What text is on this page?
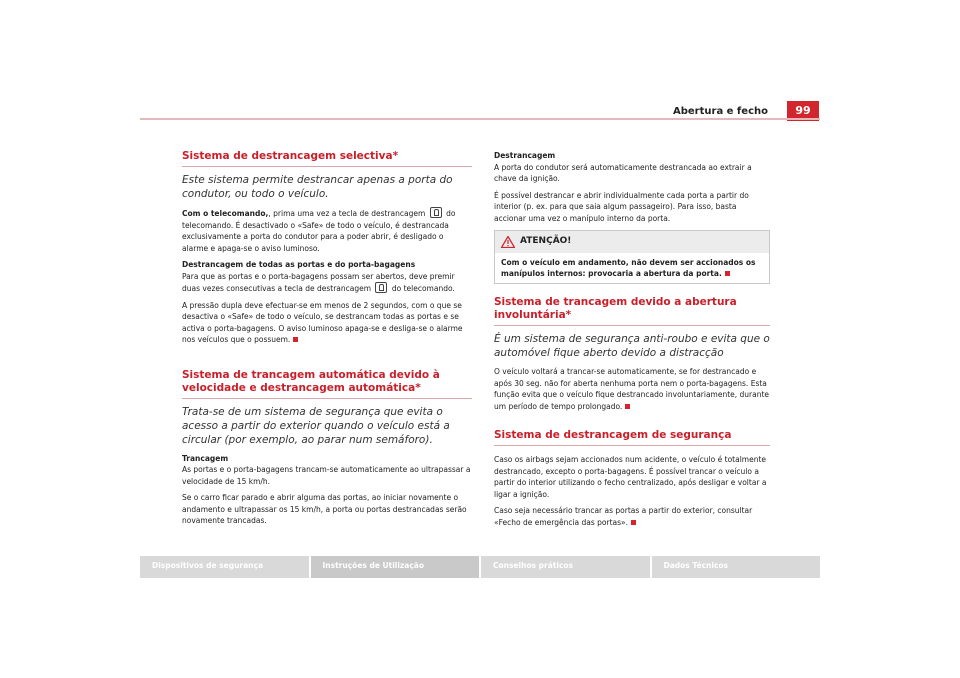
Abertura e fecho	99
Sistema de destrancagem selectiva*
Este sistema permite destrancar apenas a porta do condutor, ou todo o veículo.

Com o telecomando,, prima uma vez a tecla de destrancagem	do telecomando. É desactivado o «Safe» de todo o veículo, é destrancada exclusivamente a porta do condutor para a poder abrir, é desligado o alarme e apaga-se o aviso luminoso.

Destrancagem de todas as portas e do porta-bagagens
Para que as portas e o porta-bagagens possam ser abertos, deve premir duas vezes consecutivas a tecla de destrancagem	do telecomando.

A pressão dupla deve efectuar-se em menos de 2 segundos, com o que se desactiva o «Safe» de todo o veículo, se destrancam todas as portas e se activa o porta-bagagens. O aviso luminoso apaga-se e desliga-se o alarme nos veículos que o possuem.

Sistema de trancagem automática devido à velocidade e destrancagem automática*
Trata-se de um sistema de segurança que evita o acesso a partir do exterior quando o veículo está a circular (por exemplo, ao parar num semáforo).

Trancagem
As portas e o porta-bagagens trancam-se automaticamente ao ultrapassar a velocidade de 15 km/h.

Se o carro ficar parado e abrir alguma das portas, ao iniciar novamente o andamento e ultrapassar os 15 km/h, a porta ou portas destrancadas serão novamente trancadas.

Destrancagem
A porta do condutor será automaticamente destrancada ao extrair a chave da ignição.

É possível destrancar e abrir individualmente cada porta a partir do interior (p. ex. para que saia algum passageiro). Para isso, basta accionar uma vez o manípulo interno da porta.

ATENÇÃO!
Com o veículo em andamento, não devem ser accionados os manípulos internos: provocaria a abertura da porta.
Sistema de trancagem devido a abertura involuntária*
É um sistema de segurança anti-roubo e evita que o automóvel fique aberto devido a distracção

O veículo voltará a trancar-se automaticamente, se for destrancado e após 30 seg. não for aberta nenhuma porta nem o porta-bagagens. Esta função evita que o veículo fique destrancado involuntariamente, durante um período de tempo prolongado.

Sistema de destrancagem de segurança

Caso os airbags sejam accionados num acidente, o veículo é totalmente destrancado, excepto o porta-bagagens. É possível trancar o veículo a partir do interior utilizando o fecho centralizado, após desligar e voltar a ligar a ignição.

Caso seja necessário trancar as portas a partir do exterior, consultar «Fecho de emergência das portas».

Dispositivos de segurança	Instruções de Utilização	Conselhos práticos	Dados Técnicos
